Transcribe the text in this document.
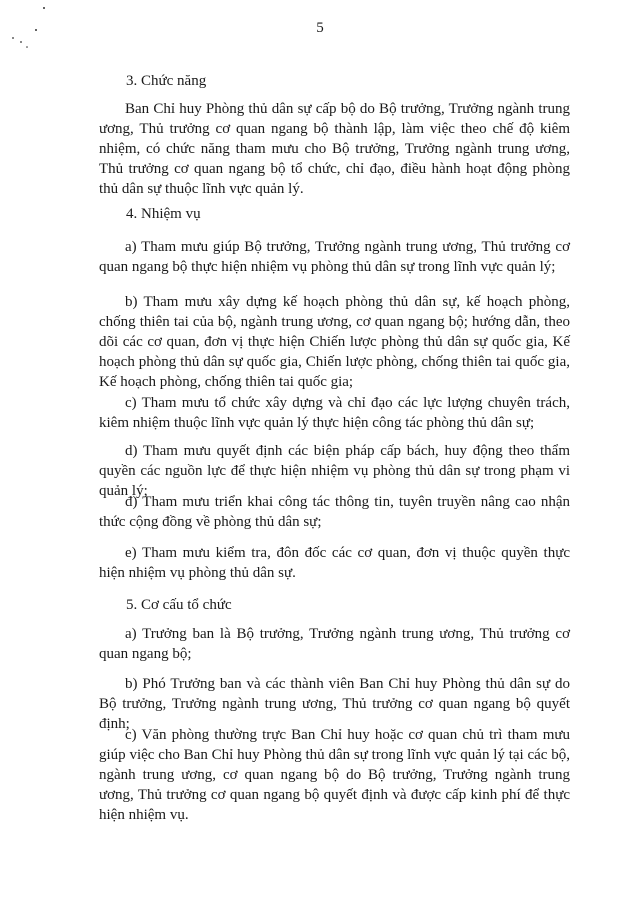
5
3. Chức năng

Ban Chỉ huy Phòng thủ dân sự cấp bộ do Bộ trưởng, Trưởng ngành trung ương, Thủ trưởng cơ quan ngang bộ thành lập, làm việc theo chế độ kiêm nhiệm, có chức năng tham mưu cho Bộ trưởng, Trưởng ngành trung ương, Thủ trưởng cơ quan ngang bộ tổ chức, chỉ đạo, điều hành hoạt động phòng thủ dân sự thuộc lĩnh vực quản lý.

4. Nhiệm vụ

a) Tham mưu giúp Bộ trưởng, Trưởng ngành trung ương, Thủ trưởng cơ quan ngang bộ thực hiện nhiệm vụ phòng thủ dân sự trong lĩnh vực quản lý;

b) Tham mưu xây dựng kế hoạch phòng thủ dân sự, kế hoạch phòng, chống thiên tai của bộ, ngành trung ương, cơ quan ngang bộ; hướng dẫn, theo dõi các cơ quan, đơn vị thực hiện Chiến lược phòng thủ dân sự quốc gia, Kế hoạch phòng thủ dân sự quốc gia, Chiến lược phòng, chống thiên tai quốc gia, Kế hoạch phòng, chống thiên tai quốc gia;

c) Tham mưu tổ chức xây dựng và chỉ đạo các lực lượng chuyên trách, kiêm nhiệm thuộc lĩnh vực quản lý thực hiện công tác phòng thủ dân sự;

d) Tham mưu quyết định các biện pháp cấp bách, huy động theo thẩm quyền các nguồn lực để thực hiện nhiệm vụ phòng thủ dân sự trong phạm vi quản lý;

đ) Tham mưu triển khai công tác thông tin, tuyên truyền nâng cao nhận thức cộng đồng về phòng thủ dân sự;

e) Tham mưu kiểm tra, đôn đốc các cơ quan, đơn vị thuộc quyền thực hiện nhiệm vụ phòng thủ dân sự.

5. Cơ cấu tổ chức

a) Trưởng ban là Bộ trưởng, Trưởng ngành trung ương, Thủ trưởng cơ quan ngang bộ;

b) Phó Trưởng ban và các thành viên Ban Chỉ huy Phòng thủ dân sự do Bộ trưởng, Trưởng ngành trung ương, Thủ trưởng cơ quan ngang bộ quyết định;

c) Văn phòng thường trực Ban Chỉ huy hoặc cơ quan chủ trì tham mưu giúp việc cho Ban Chỉ huy Phòng thủ dân sự trong lĩnh vực quản lý tại các bộ, ngành trung ương, cơ quan ngang bộ do Bộ trưởng, Trưởng ngành trung ương, Thủ trưởng cơ quan ngang bộ quyết định và được cấp kinh phí để thực hiện nhiệm vụ.
